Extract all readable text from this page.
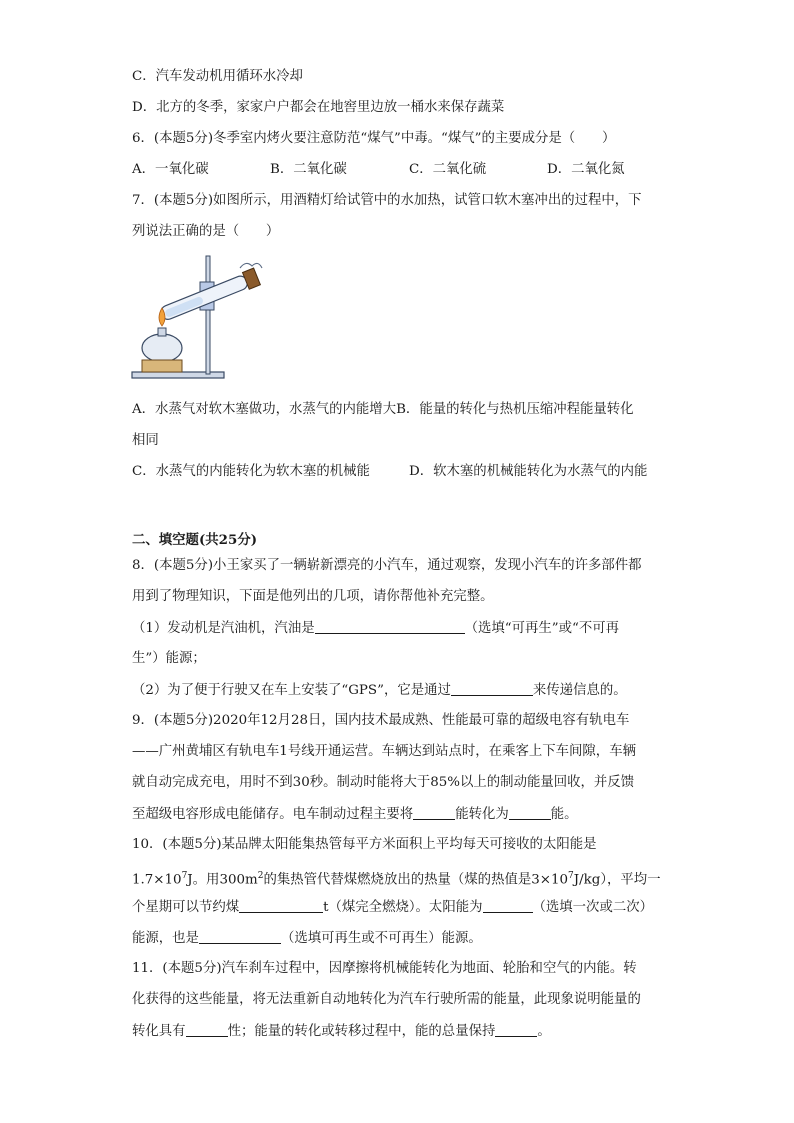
C．汽车发动机用循环水冷却
D．北方的冬季，家家户户都会在地窖里边放一桶水来保存蔬菜
6．(本题5分)冬季室内烤火要注意防范“煤气”中毒。“煤气”的主要成分是（　　）
A．一氧化碳	B．二氧化碳	C．二氧化硫	D．二氧化氮
7．(本题5分)如图所示，用酒精灯给试管中的水加热，试管口软木塞冲出的过程中，下
列说法正确的是（　　）
A．水蒸气对软木塞做功，水蒸气的内能增大B．能量的转化与热机压缩冲程能量转化
相同
C．水蒸气的内能转化为软木塞的机械能	D．软木塞的机械能转化为水蒸气的内能
二、填空题(共25分)
8．(本题5分)小王家买了一辆崭新漂亮的小汽车，通过观察，发现小汽车的许多部件都
用到了物理知识，下面是他列出的几项，请你帮他补充完整。
（1）发动机是汽油机，汽油是	（选填“可再生”或“不可再
生”）能源；
（2）为了便于行驶又在车上安装了“GPS”，它是通过	来传递信息的。
9．(本题5分)2020年12月28日，国内技术最成熟、性能最可靠的超级电容有轨电车
——广州黄埔区有轨电车1号线开通运营。车辆达到站点时，在乘客上下车间隙，车辆
就自动完成充电，用时不到30秒。制动时能将大于85%以上的制动能量回收，并反馈
至超级电容形成电能储存。电车制动过程主要将	能转化为	能。
10．(本题5分)某品牌太阳能集热管每平方米面积上平均每天可接收的太阳能是
$1.7\times 10^7J$。用$300m^2$的集热管代替煤燃烧放出的热量（煤的热值是$3\times 10^7J/kg$），平均一
个星期可以节约煤	t（煤完全燃烧）。太阳能为	（选填一次或二次）
能源，也是	（选填可再生或不可再生）能源。
11．(本题5分)汽车刹车过程中，因摩擦将机械能转化为地面、轮胎和空气的内能。转
化获得的这些能量，将无法重新自动地转化为汽车行驶所需的能量，此现象说明能量的
转化具有	性；能量的转化或转移过程中，能的总量保持	。
